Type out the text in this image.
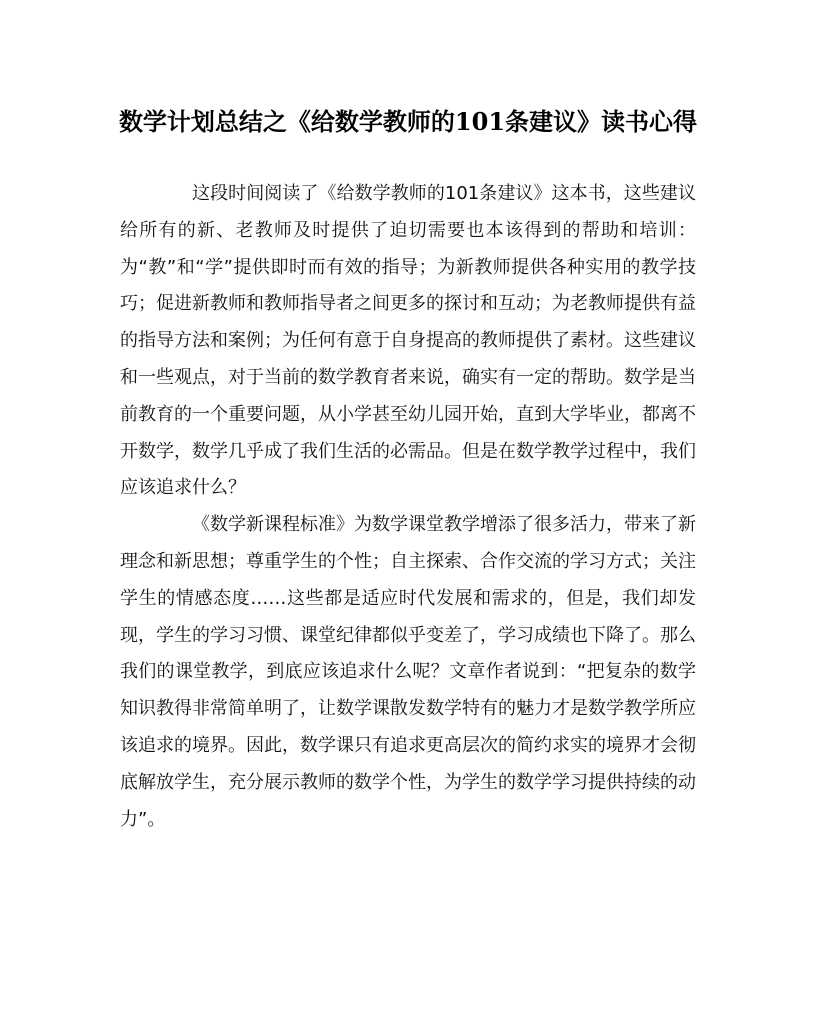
数学计划总结之《给数学教师的101条建议》读书心得

这段时间阅读了《给数学教师的101条建议》这本书，这些建议给所有的新、老教师及时提供了迫切需要也本该得到的帮助和培训：为“教”和“学”提供即时而有效的指导；为新教师提供各种实用的教学技巧；促进新教师和教师指导者之间更多的探讨和互动；为老教师提供有益的指导方法和案例；为任何有意于自身提高的教师提供了素材。这些建议和一些观点，对于当前的数学教育者来说，确实有一定的帮助。数学是当前教育的一个重要问题，从小学甚至幼儿园开始，直到大学毕业，都离不开数学，数学几乎成了我们生活的必需品。但是在数学教学过程中，我们应该追求什么？

《数学新课程标准》为数学课堂教学增添了很多活力，带来了新理念和新思想；尊重学生的个性；自主探索、合作交流的学习方式；关注学生的情感态度……这些都是适应时代发展和需求的，但是，我们却发现，学生的学习习惯、课堂纪律都似乎变差了，学习成绩也下降了。那么我们的课堂教学，到底应该追求什么呢？文章作者说到：“把复杂的数学知识教得非常简单明了，让数学课散发数学特有的魅力才是数学教学所应该追求的境界。因此，数学课只有追求更高层次的简约求实的境界才会彻底解放学生，充分展示教师的数学个性，为学生的数学学习提供持续的动力”。
